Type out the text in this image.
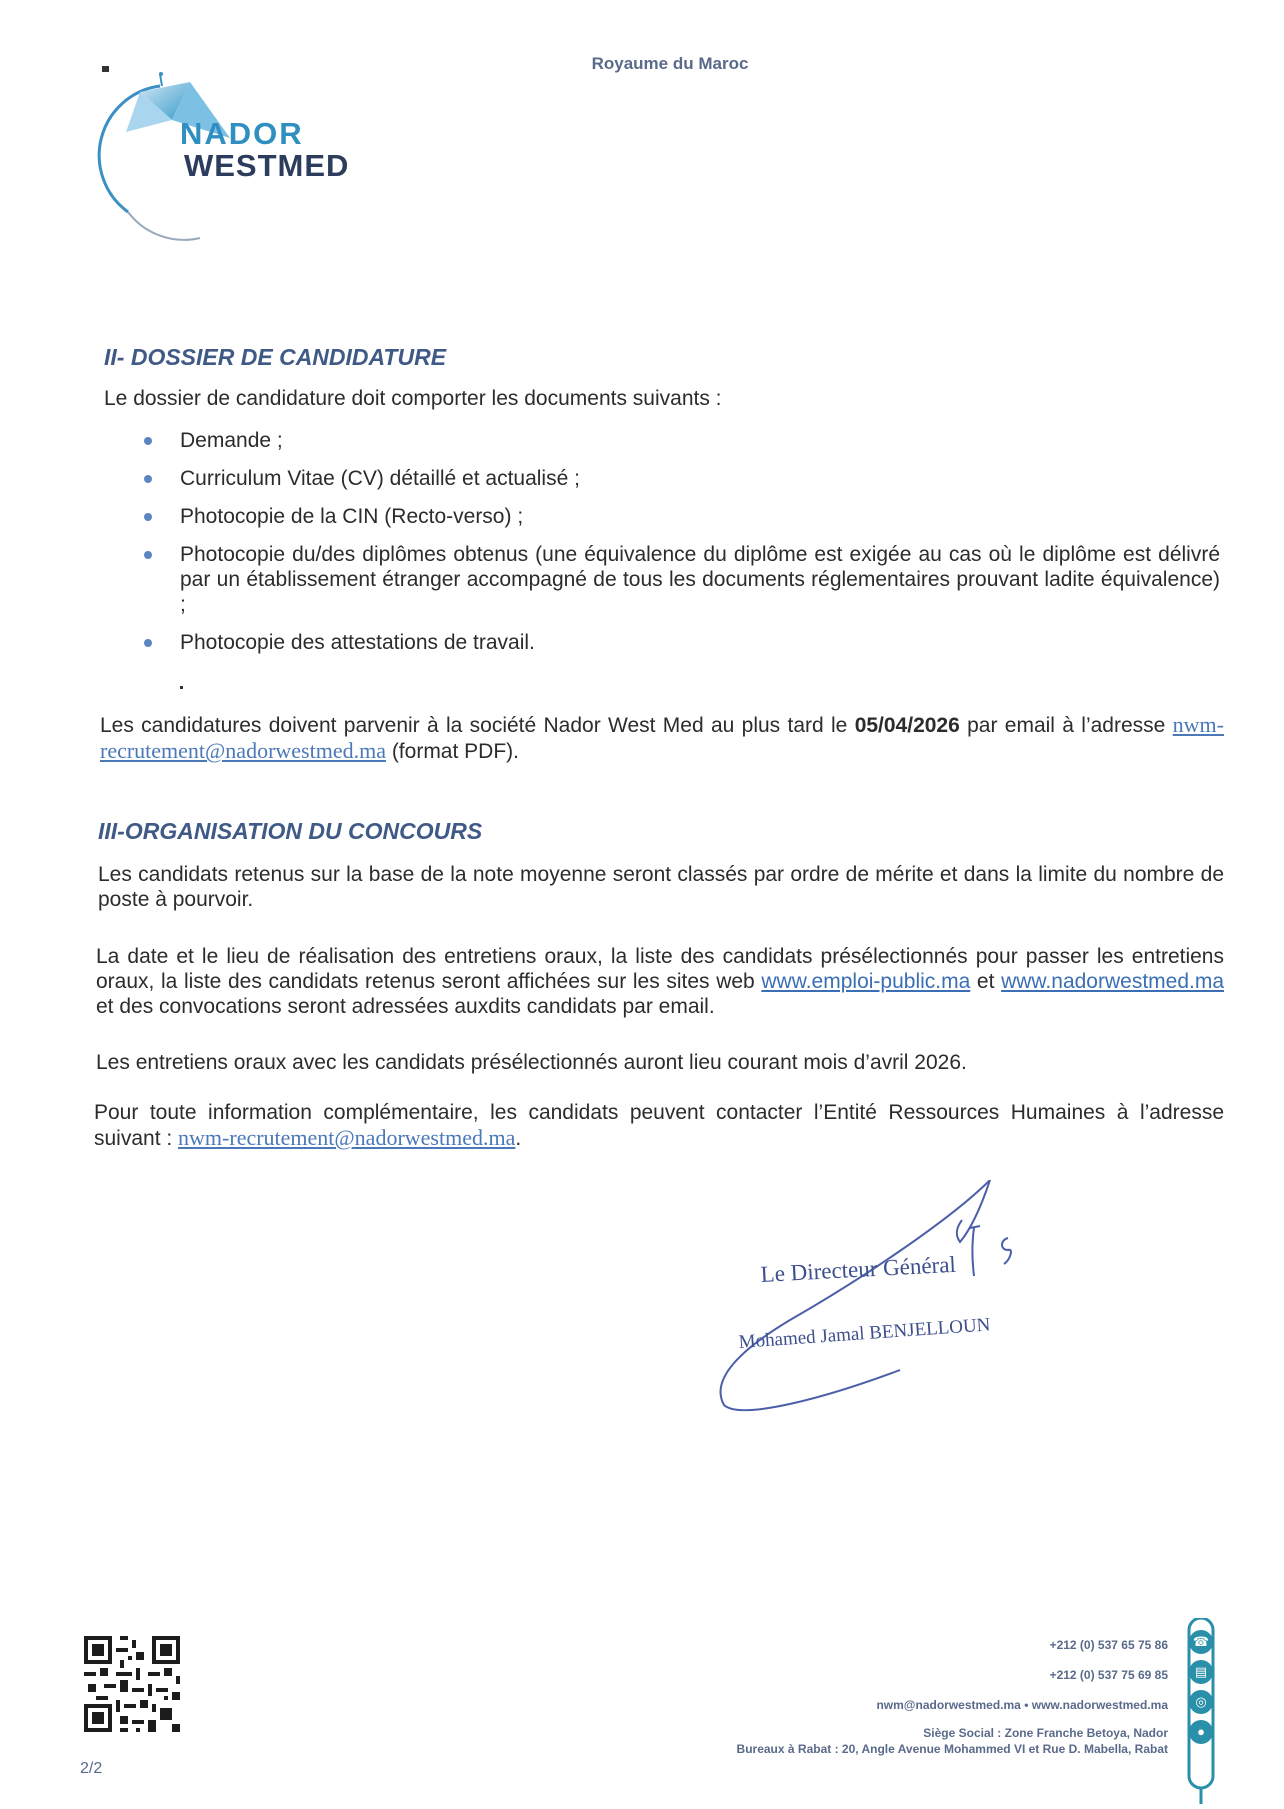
Royaume du Maroc
NADOR
WESTMED
II- DOSSIER DE CANDIDATURE

Le dossier de candidature doit comporter les documents suivants :

Demande ;
Curriculum Vitae (CV) détaillé et actualisé ;
Photocopie de la CIN (Recto-verso) ;
Photocopie du/des diplômes obtenus (une équivalence du diplôme est exigée au cas où le diplôme est délivré par un établissement étranger accompagné de tous les documents réglementaires prouvant ladite équivalence) ;
Photocopie des attestations de travail.

Les candidatures doivent parvenir à la société Nador West Med au plus tard le 05/04/2026 par email à l’adresse nwm-recrutement@nadorwestmed.ma (format PDF).

III-ORGANISATION DU CONCOURS

Les candidats retenus sur la base de la note moyenne seront classés par ordre de mérite et dans la limite du nombre de poste à pourvoir.

La date et le lieu de réalisation des entretiens oraux, la liste des candidats présélectionnés pour passer les entretiens oraux, la liste des candidats retenus seront affichées sur les sites web www.emploi-public.ma et www.nadorwestmed.ma et des convocations seront adressées auxdits candidats par email.

Les entretiens oraux avec les candidats présélectionnés auront lieu courant mois d’avril 2026.

Pour toute information complémentaire, les candidats peuvent contacter l’Entité Ressources Humaines à l’adresse suivant : nwm-recrutement@nadorwestmed.ma.

Le Directeur Général
Mohamed Jamal BENJELLOUN
2/2
+212 (0) 537 65 75 86
+212 (0) 537 75 69 85
nwm@nadorwestmed.ma • www.nadorwestmed.ma
Siège Social : Zone Franche Betoya, Nador
Bureaux à Rabat : 20, Angle Avenue Mohammed VI et Rue D. Mabella, Rabat
☎
▤
◎
●
